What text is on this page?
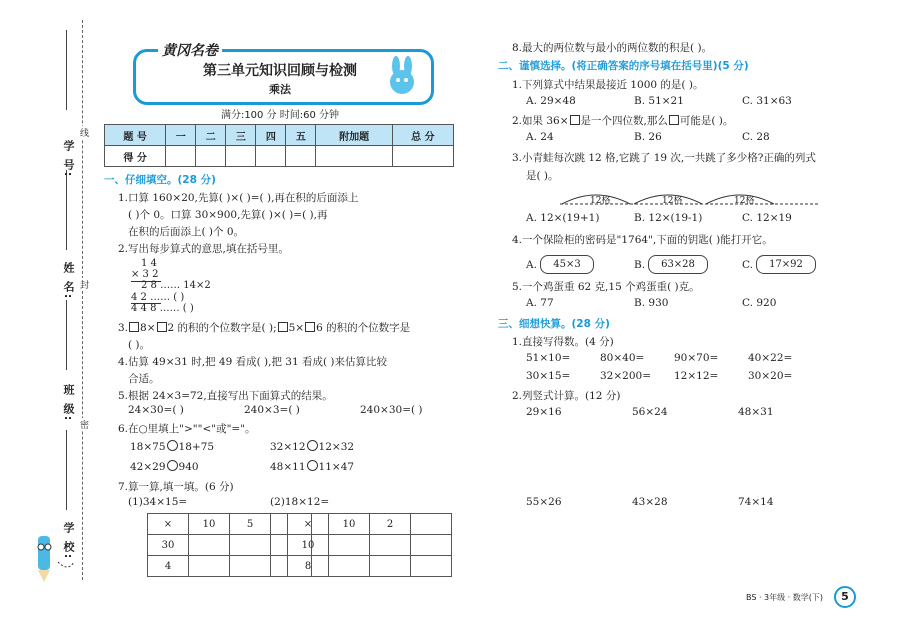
学 号:
姓 名:
班 级:
学 校:
线
封
密
黄冈名卷
第三单元知识回顾与检测
乘法
满分:100 分 时间:60 分钟
题 号	一	二	三	四	五	附加题	总 分
得 分							
一、仔细填空。(28 分)
1.口算 160×20,先算( )×( )=( ),再在积的后面添上
( )个 0。口算 30×900,先算( )×( )=( ),再
在积的后面添上( )个 0。
2.写出每步算式的意思,填在括号里。
1 4
× 3 2
2 8 …… 14×2
4 2 …… ( )
4 4 8 …… ( )
3. 8× 2 的积的个位数字是( ); 5× 6 的积的个位数字是
( )。
4.估算 49×31 时,把 49 看成( ),把 31 看成( )来估算比较
合适。
5.根据 24×3=72,直接写出下面算式的结果。
24×30=( )	240×3=( )	240×30=( )
6.在○里填上">""<"或"="。
18×75 18+75	32×12 12×32
42×29 940	48×11 11×47
7.算一算,填一填。(6 分)
(1)34×15=	(2)18×12=
×	10	5	
30			
4			
×	10	2	
10			
8			
8.最大的两位数与最小的两位数的积是( )。
二、谨慎选择。(将正确答案的序号填在括号里)(5 分)
1.下列算式中结果最接近 1000 的是( )。
A. 29×48	B. 51×21	C. 31×63
2.如果 36× 是一个四位数,那么 可能是( )。
A. 24	B. 26	C. 28
3.小青蛙每次跳 12 格,它跳了 19 次,一共跳了多少格?正确的列式
是( )。
12格	12格	12格
A. 12×(19+1)	B. 12×(19-1)	C. 12×19
4.一个保险柜的密码是"1764",下面的钥匙( )能打开它。
A.	45×3	B.	63×28	C.	17×92
5.一个鸡蛋重 62 克,15 个鸡蛋重( )克。
A. 77	B. 930	C. 920
三、细想快算。(28 分)
1.直接写得数。(4 分)
51×10=	80×40=	90×70=	40×22=
30×15=	32×200= 12×12=	30×20=
2.列竖式计算。(12 分)
29×16	56×24	48×31
55×26	43×28	74×14
BS · 3年级 · 数学(下)	5
